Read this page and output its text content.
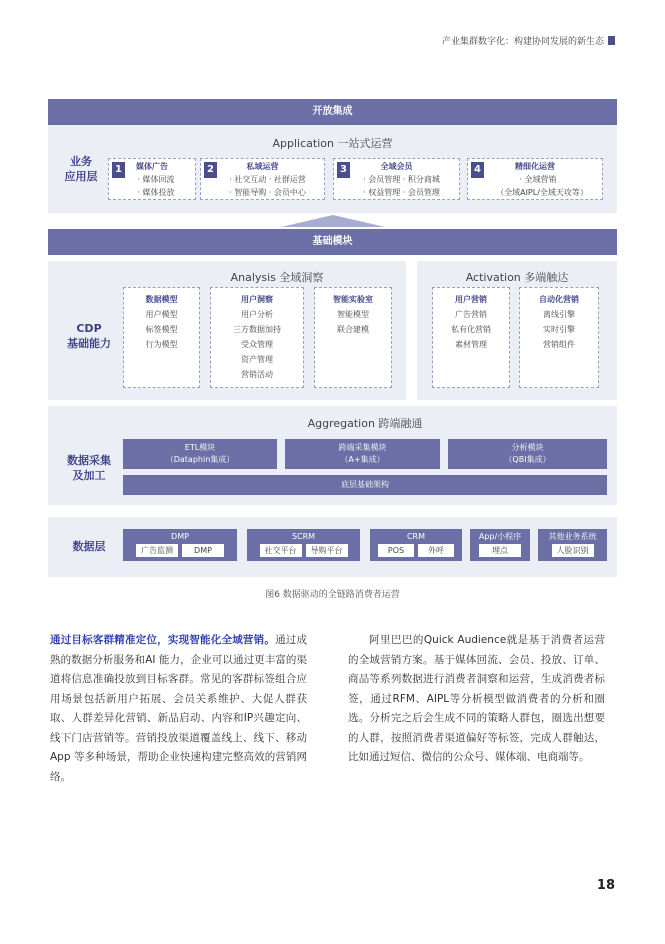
产业集群数字化：构建协同发展的新生态
开放集成
业务
应用层
Application 一站式运营
1	媒体广告
· 媒体回流
· 媒体投放
2	私域运营
· 社交互动 · 社群运营
· 智能导购 · 会员中心
3	全域会员
· 会员管理 · 积分商城
· 权益管理 · 会员管理
4	精细化运营
· 全域营销
（全域AIPL/全域天攻等）
基础模块
CDP
基础能力
Analysis 全域洞察
数据模型
用户模型
标签模型
行为模型
用户洞察
用户分析
三方数据加持
受众管理
资产管理
营销活动
智能实验室
智能模型
联合建模
Activation 多端触达
用户营销
广告营销
私有化营销
素材管理
自动化营销
离线引擎
实时引擎
营销组件
数据采集
及加工
Aggregation 跨端融通
ETL模块
（Dataphin集成）
跨端采集模块
（A+集成）
分析模块
（QBI集成）
底层基础架构
数据层
DMP
广告监测	DMP
SCRM
社交平台	导购平台
CRM
POS	外呼
App/小程序
埋点
其他业务系统
人脸识别
图6 数据驱动的全链路消费者运营
通过目标客群精准定位，实现智能化全域营销。通过成熟的数据分析服务和AI 能力，企业可以通过更丰富的渠道将信息准确投放到目标客群。常见的客群标签组合应用场景包括新用户拓展、会员关系维护、大促人群获取、人群差异化营销、新品启动、内容和IP兴趣定向、线下门店营销等。营销投放渠道覆盖线上、线下、移动 App 等多种场景，帮助企业快速构建完整高效的营销网络。
阿里巴巴的Quick Audience就是基于消费者运营的全域营销方案。基于媒体回流、会员、投放、订单、商品等系列数据进行消费者洞察和运营，生成消费者标签，通过RFM、AIPL等分析模型做消费者的分析和圈选。分析完之后会生成不同的策略人群包，圈选出想要的人群，按照消费者渠道偏好等标签，完成人群触达，比如通过短信、微信的公众号、媒体端、电商端等。
18
